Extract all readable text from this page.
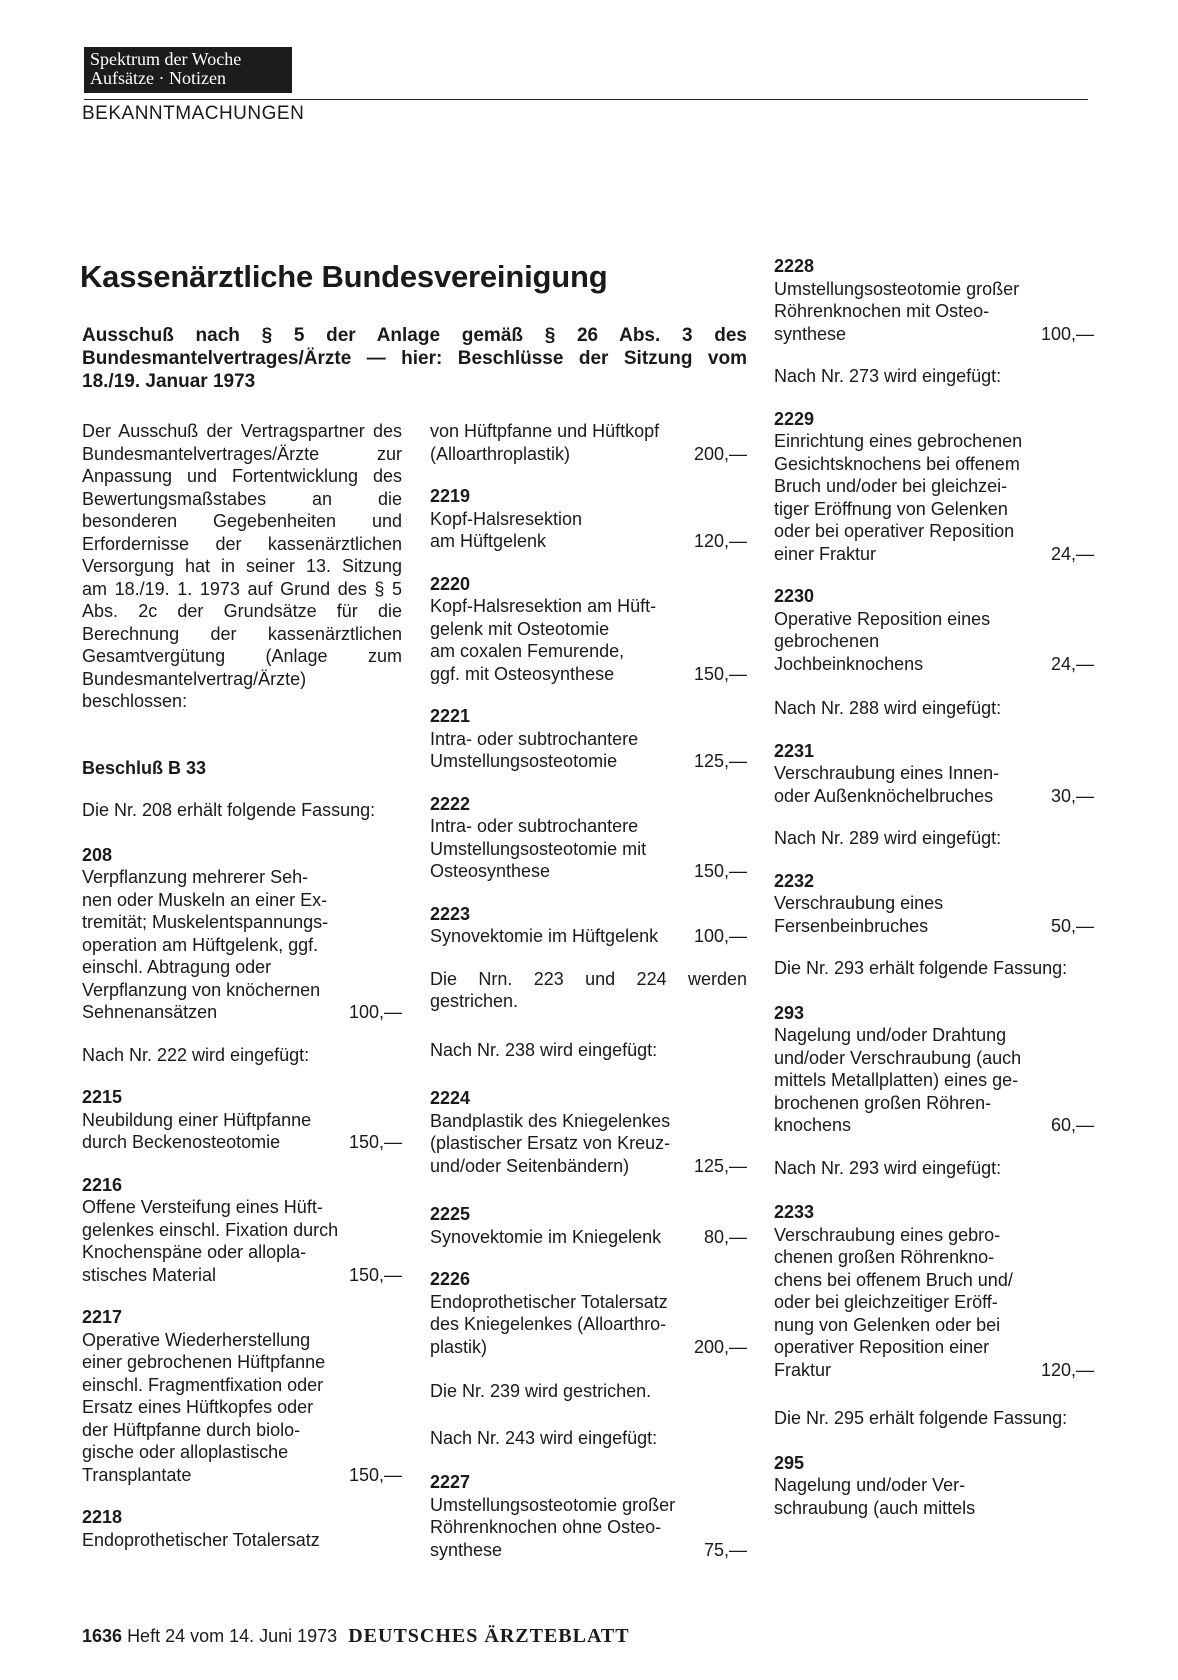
Spektrum der Woche
Aufsätze · Notizen
BEKANNTMACHUNGEN
Kassenärztliche Bundesvereinigung
Ausschuß nach § 5 der Anlage gemäß § 26 Abs. 3 des Bundesmantelvertrages/Ärzte — hier: Beschlüsse der Sitzung vom 18./19. Januar 1973

Der Ausschuß der Vertragspartner des Bundesmantelvertrages/Ärzte zur Anpassung und Fortentwicklung des Bewertungsmaßstabes an die besonderen Gegebenheiten und Erfordernisse der kassenärztlichen Versorgung hat in seiner 13. Sitzung am 18./19. 1. 1973 auf Grund des § 5 Abs. 2c der Grundsätze für die Berechnung der kassenärztlichen Gesamtvergütung (Anlage zum Bundesmantelvertrag/Ärzte) beschlossen:

Beschluß B 33

Die Nr. 208 erhält folgende Fassung:

208

Verpflanzung mehrerer Seh-

nen oder Muskeln an einer Ex-

tremität; Muskelentspannungs-

operation am Hüftgelenk, ggf.

einschl. Abtragung oder

Verpflanzung von knöchernen

Sehnenansätzen	100,—

Nach Nr. 222 wird eingefügt:

2215

Neubildung einer Hüftpfanne

durch Beckenosteotomie	150,—

2216

Offene Versteifung eines Hüft-

gelenkes einschl. Fixation durch

Knochenspäne oder allopla-

stisches Material	150,—

2217

Operative Wiederherstellung

einer gebrochenen Hüftpfanne

einschl. Fragmentfixation oder

Ersatz eines Hüftkopfes oder

der Hüftpfanne durch biolo-

gische oder alloplastische

Transplantate	150,—

2218

Endoprothetischer Totalersatz

von Hüftpfanne und Hüftkopf

(Alloarthroplastik)	200,—

2219

Kopf-Halsresektion

am Hüftgelenk	120,—

2220

Kopf-Halsresektion am Hüft-

gelenk mit Osteotomie

am coxalen Femurende,

ggf. mit Osteosynthese	150,—

2221

Intra- oder subtrochantere

Umstellungsosteotomie	125,—

2222

Intra- oder subtrochantere

Umstellungsosteotomie mit

Osteosynthese	150,—

2223

Synovektomie im Hüftgelenk 100,—

Die Nrn. 223 und 224 werden gestrichen.

Nach Nr. 238 wird eingefügt:

2224

Bandplastik des Kniegelenkes

(plastischer Ersatz von Kreuz-

und/oder Seitenbändern)	125,—

2225

Synovektomie im Kniegelenk 80,—

2226

Endoprothetischer Totalersatz

des Kniegelenkes (Alloarthro-

plastik)	200,—

Die Nr. 239 wird gestrichen.

Nach Nr. 243 wird eingefügt:

2227

Umstellungsosteotomie großer

Röhrenknochen ohne Osteo-

synthese	75,—

2228

Umstellungsosteotomie großer

Röhrenknochen mit Osteo-

synthese	100,—

Nach Nr. 273 wird eingefügt:

2229

Einrichtung eines gebrochenen

Gesichtsknochens bei offenem

Bruch und/oder bei gleichzei-

tiger Eröffnung von Gelenken

oder bei operativer Reposition

einer Fraktur	24,—

2230

Operative Reposition eines

gebrochenen

Jochbeinknochens	24,—

Nach Nr. 288 wird eingefügt:

2231

Verschraubung eines Innen-

oder Außenknöchelbruches	30,—

Nach Nr. 289 wird eingefügt:

2232

Verschraubung eines

Fersenbeinbruches	50,—

Die Nr. 293 erhält folgende Fassung:

293

Nagelung und/oder Drahtung

und/oder Verschraubung (auch

mittels Metallplatten) eines ge-

brochenen großen Röhren-

knochens	60,—

Nach Nr. 293 wird eingefügt:

2233

Verschraubung eines gebro-

chenen großen Röhrenkno-

chens bei offenem Bruch und/

oder bei gleichzeitiger Eröff-

nung von Gelenken oder bei

operativer Reposition einer

Fraktur	120,—

Die Nr. 295 erhält folgende Fassung:

295

Nagelung und/oder Ver-

schraubung (auch mittels

1636 Heft 24 vom 14. Juni 1973 DEUTSCHES ÄRZTEBLATT
